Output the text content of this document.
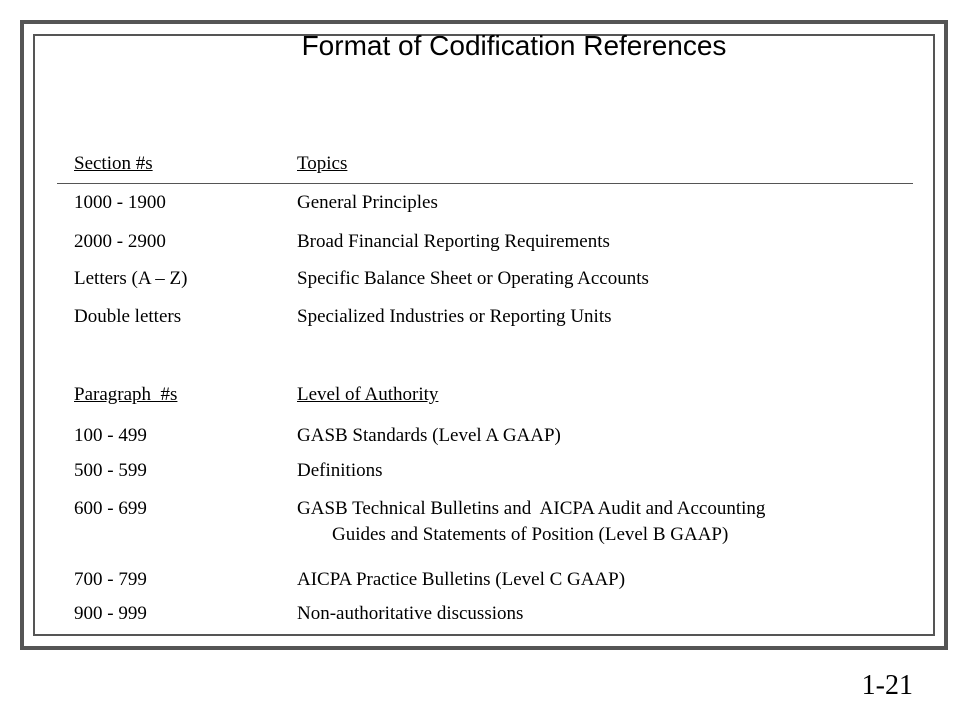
Format of Codification References
Section #s	Topics
1000 - 1900	General Principles
2000 - 2900	Broad Financial Reporting Requirements
Letters (A – Z)	Specific Balance Sheet or Operating Accounts
Double letters	Specialized Industries or Reporting Units
Paragraph  #s	Level of Authority
100 - 499	GASB Standards (Level A GAAP)
500 - 599	Definitions
600 - 699	GASB Technical Bulletins and  AICPA Audit and Accounting
Guides and Statements of Position (Level B GAAP)
700 - 799	AICPA Practice Bulletins (Level C GAAP)
900 - 999	Non-authoritative discussions
1-21
